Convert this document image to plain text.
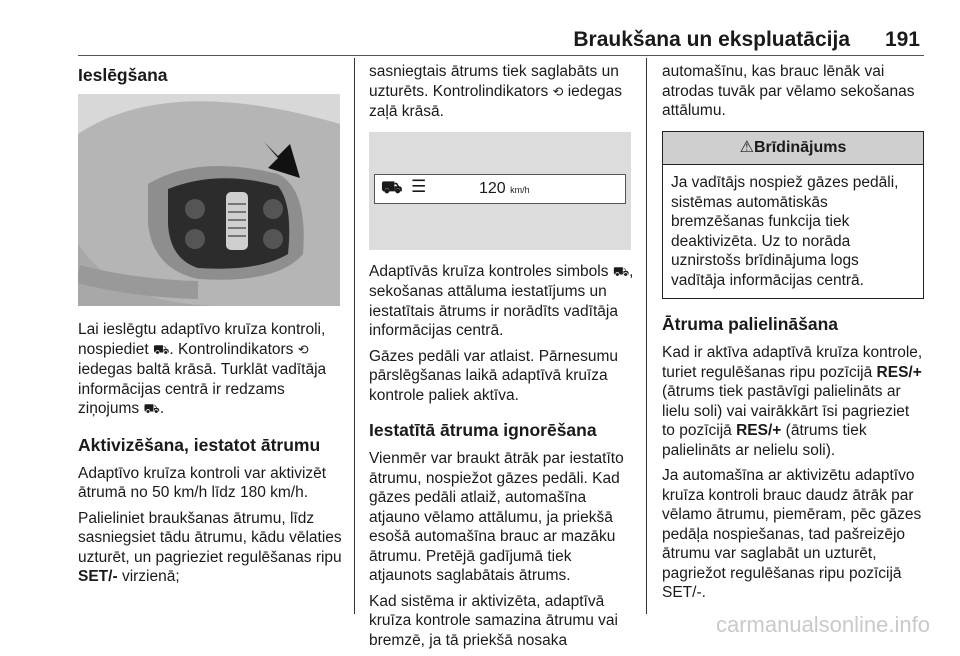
Braukšana un ekspluatācija	191
Ieslēgšana

Lai ieslēgtu adaptīvo kruīza kontroli, nospiediet ⛟. Kontrolindikators ⟲ iedegas baltā krāsā. Turklāt vadītāja informācijas centrā ir redzams ziņojums ⛟.

Aktivizēšana, iestatot ātrumu

Adaptīvo kruīza kontroli var aktivizēt ātrumā no 50 km/h līdz 180 km/h.

Palieliniet braukšanas ātrumu, līdz sasniegsiet tādu ātrumu, kādu vēlaties uzturēt, un pagrieziet regulēšanas ripu SET/- virzienā;

sasniegtais ātrums tiek saglabāts un uzturēts. Kontrolindikators ⟲ iedegas zaļā krāsā.

⛟ ☰	120 km/h

Adaptīvās kruīza kontroles simbols ⛟, sekošanas attāluma iestatījums un iestatītais ātrums ir norādīts vadītāja informācijas centrā.

Gāzes pedāli var atlaist. Pārnesumu pārslēgšanas laikā adaptīvā kruīza kontrole paliek aktīva.

Iestatītā ātruma ignorēšana

Vienmēr var braukt ātrāk par iestatīto ātrumu, nospiežot gāzes pedāli. Kad gāzes pedāli atlaiž, automašīna atjauno vēlamo attālumu, ja priekšā esošā automašīna brauc ar mazāku ātrumu. Pretējā gadījumā tiek atjaunots saglabātais ātrums.

Kad sistēma ir aktivizēta, adaptīvā kruīza kontrole samazina ātrumu vai bremzē, ja tā priekšā nosaka

automašīnu, kas brauc lēnāk vai atrodas tuvāk par vēlamo sekošanas attālumu.

⚠Brīdinājums
Ja vadītājs nospiež gāzes pedāli, sistēmas automātiskās bremzēšanas funkcija tiek deaktivizēta. Uz to norāda uznirstošs brīdinājuma logs vadītāja informācijas centrā.
Ātruma palielināšana

Kad ir aktīva adaptīvā kruīza kontrole, turiet regulēšanas ripu pozīcijā RES/+ (ātrums tiek pastāvīgi palielināts ar lielu soli) vai vairākkārt īsi pagrieziet to pozīcijā RES/+ (ātrums tiek palielināts ar nelielu soli).

Ja automašīna ar aktivizētu adaptīvo kruīza kontroli brauc daudz ātrāk par vēlamo ātrumu, piemēram, pēc gāzes pedāļa nospiešanas, tad pašreizējo ātrumu var saglabāt un uzturēt, pagriežot regulēšanas ripu pozīcijā SET/-.

carmanualsonline.info
